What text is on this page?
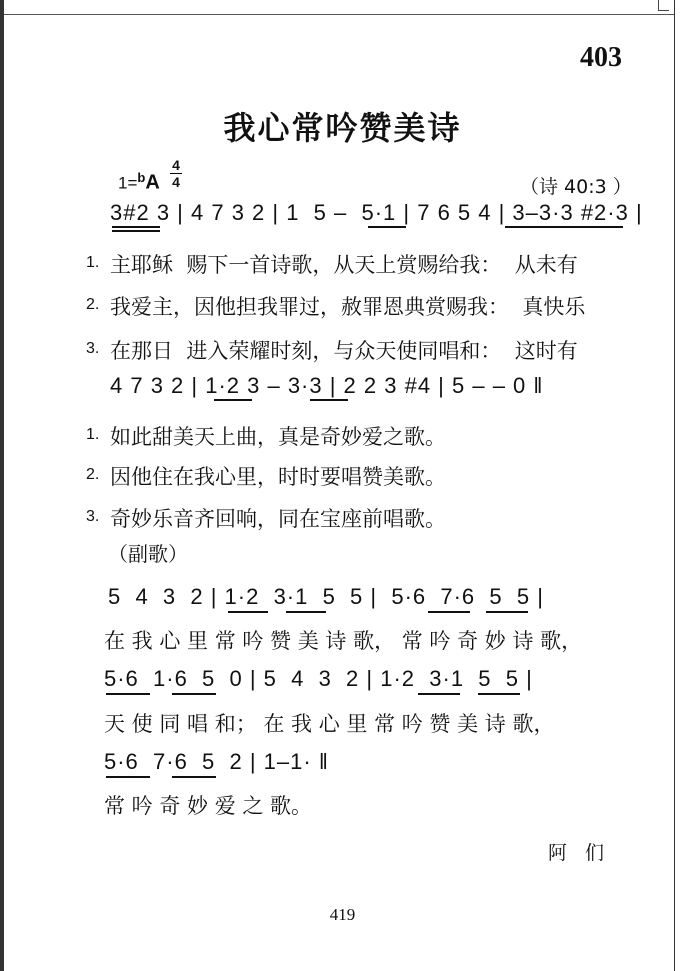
403
我心常吟赞美诗
1=$^b$A
4
4	（诗 40:3 ）
3#2 3 | 4 7 3 2 | 1  5 –  5·1 | 7 6 5 4 | 3–3·3 #2·3 |
1. 主耶稣  赐下一首诗歌，从天上赏赐给我：  从未有
2. 我爱主，因他担我罪过，赦罪恩典赏赐我：  真快乐
3. 在那日  进入荣耀时刻，与众天使同唱和：  这时有
4 7 3 2 | 1·2 3 – 3·3 | 2 2 3 #4 | 5 – – 0 ‖
1. 如此甜美天上曲，真是奇妙爱之歌。
2. 因他住在我心里，时时要唱赞美歌。
3. 奇妙乐音齐回响，同在宝座前唱歌。
（副歌）
5  4  3  2 | 1·2  3·1  5  5 |  5·6  7·6  5  5 |
在 我 心 里 常 吟 赞 美 诗 歌， 常 吟 奇 妙 诗 歌，
5·6  1·6  5  0 | 5  4  3  2 | 1·2  3·1  5  5 |
天 使 同 唱 和； 在 我 心 里 常 吟 赞 美 诗 歌，
5·6  7·6  5  2 | 1–1· ‖
常 吟 奇 妙 爱 之 歌。
阿们
419
